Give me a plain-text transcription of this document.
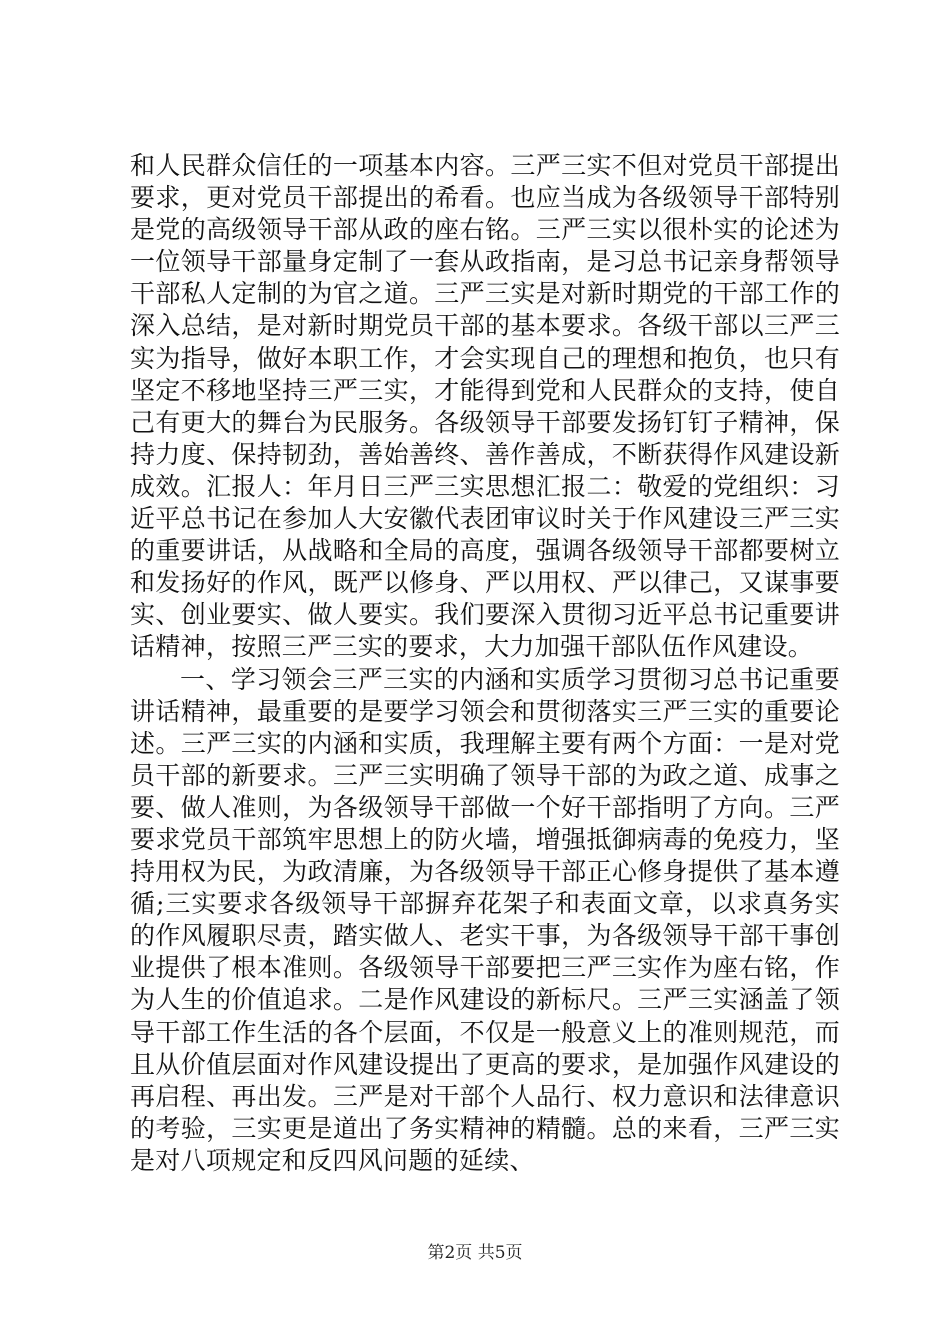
和人民群众信任的一项基本内容。三严三实不但对党员干部提出要求，更对党员干部提出的希看。也应当成为各级领导干部特别是党的高级领导干部从政的座右铭。三严三实以很朴实的论述为一位领导干部量身定制了一套从政指南，是习总书记亲身帮领导干部私人定制的为官之道。三严三实是对新时期党的干部工作的深入总结，是对新时期党员干部的基本要求。各级干部以三严三实为指导，做好本职工作，才会实现自己的理想和抱负，也只有坚定不移地坚持三严三实，才能得到党和人民群众的支持，使自己有更大的舞台为民服务。各级领导干部要发扬钉钉子精神，保持力度、保持韧劲，善始善终、善作善成，不断获得作风建设新成效。汇报人：年月日三严三实思想汇报二：敬爱的党组织：习近平总书记在参加人大安徽代表团审议时关于作风建设三严三实的重要讲话，从战略和全局的高度，强调各级领导干部都要树立和发扬好的作风，既严以修身、严以用权、严以律己，又谋事要实、创业要实、做人要实。我们要深入贯彻习近平总书记重要讲话精神，按照三严三实的要求，大力加强干部队伍作风建设。

一、学习领会三严三实的内涵和实质学习贯彻习总书记重要讲话精神，最重要的是要学习领会和贯彻落实三严三实的重要论述。三严三实的内涵和实质，我理解主要有两个方面：一是对党员干部的新要求。三严三实明确了领导干部的为政之道、成事之要、做人准则，为各级领导干部做一个好干部指明了方向。三严要求党员干部筑牢思想上的防火墙，增强抵御病毒的免疫力，坚持用权为民，为政清廉，为各级领导干部正心修身提供了基本遵循;三实要求各级领导干部摒弃花架子和表面文章，以求真务实的作风履职尽责，踏实做人、老实干事，为各级领导干部干事创业提供了根本准则。各级领导干部要把三严三实作为座右铭，作为人生的价值追求。二是作风建设的新标尺。三严三实涵盖了领导干部工作生活的各个层面，不仅是一般意义上的准则规范，而且从价值层面对作风建设提出了更高的要求，是加强作风建设的再启程、再出发。三严是对干部个人品行、权力意识和法律意识的考验，三实更是道出了务实精神的精髓。总的来看，三严三实是对八项规定和反四风问题的延续、

第2页 共5页
